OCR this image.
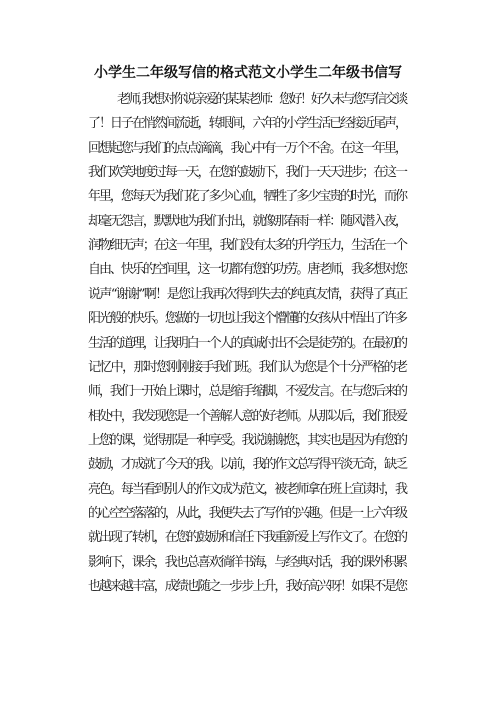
小学生二年级写信的格式范文小学生二年级书信写
老师, 我想对你说亲爱的某某老师：您好！好久未与您写信交谈
了！日子在悄然间流逝，转眼间，六年的小学生活已经接近尾声，
回想起您与我们的点点滴滴，我心中有一万个不舍。在这一年里，
我们欢笑地度过每一天，在您的鼓励下，我们一天天进步；在这一
年里，您每天为我们花了多少心血，牺牲了多少宝贵的时光，而你
却毫无怨言，默默地为我们付出，就像那春雨一样：随风潜入夜，
润物细无声；在这一年里，我们没有太多的升学压力，生活在一个
自由、快乐的空间里，这一切都有您的功劳。唐老师，我多想对您
说声“谢谢”啊！是您让我再次得到失去的纯真友情，获得了真正
阳光般的快乐。您做的一切也让我这个懵懂的女孩从中悟出了许多
生活的道理，让我明白一个人的真诚付出不会是徒劳的。在最初的
记忆中，那时您刚刚接手我们班。我们认为您是个十分严格的老
师，我们一开始上课时，总是缩手缩脚，不爱发言。在与您后来的
相处中，我发现您是一个善解人意的好老师。从那以后，我们很爱
上您的课，觉得那是一种享受。我说谢谢您，其实也是因为有您的
鼓励，才成就了今天的我。以前，我的作文总写得平淡无奇，缺乏
亮色。每当看到别人的作文成为范文，被老师拿在班上宣读时，我
的心空空落落的，从此，我便失去了写作的兴趣。但是一上六年级
就出现了转机，在您的鼓励和信任下我重新爱上写作文了。在您的
影响下，课余，我也总喜欢徜徉书海，与经典对话，我的课外积累
也越来越丰富，成绩也随之一步步上升，我好高兴呀！如果不是您
